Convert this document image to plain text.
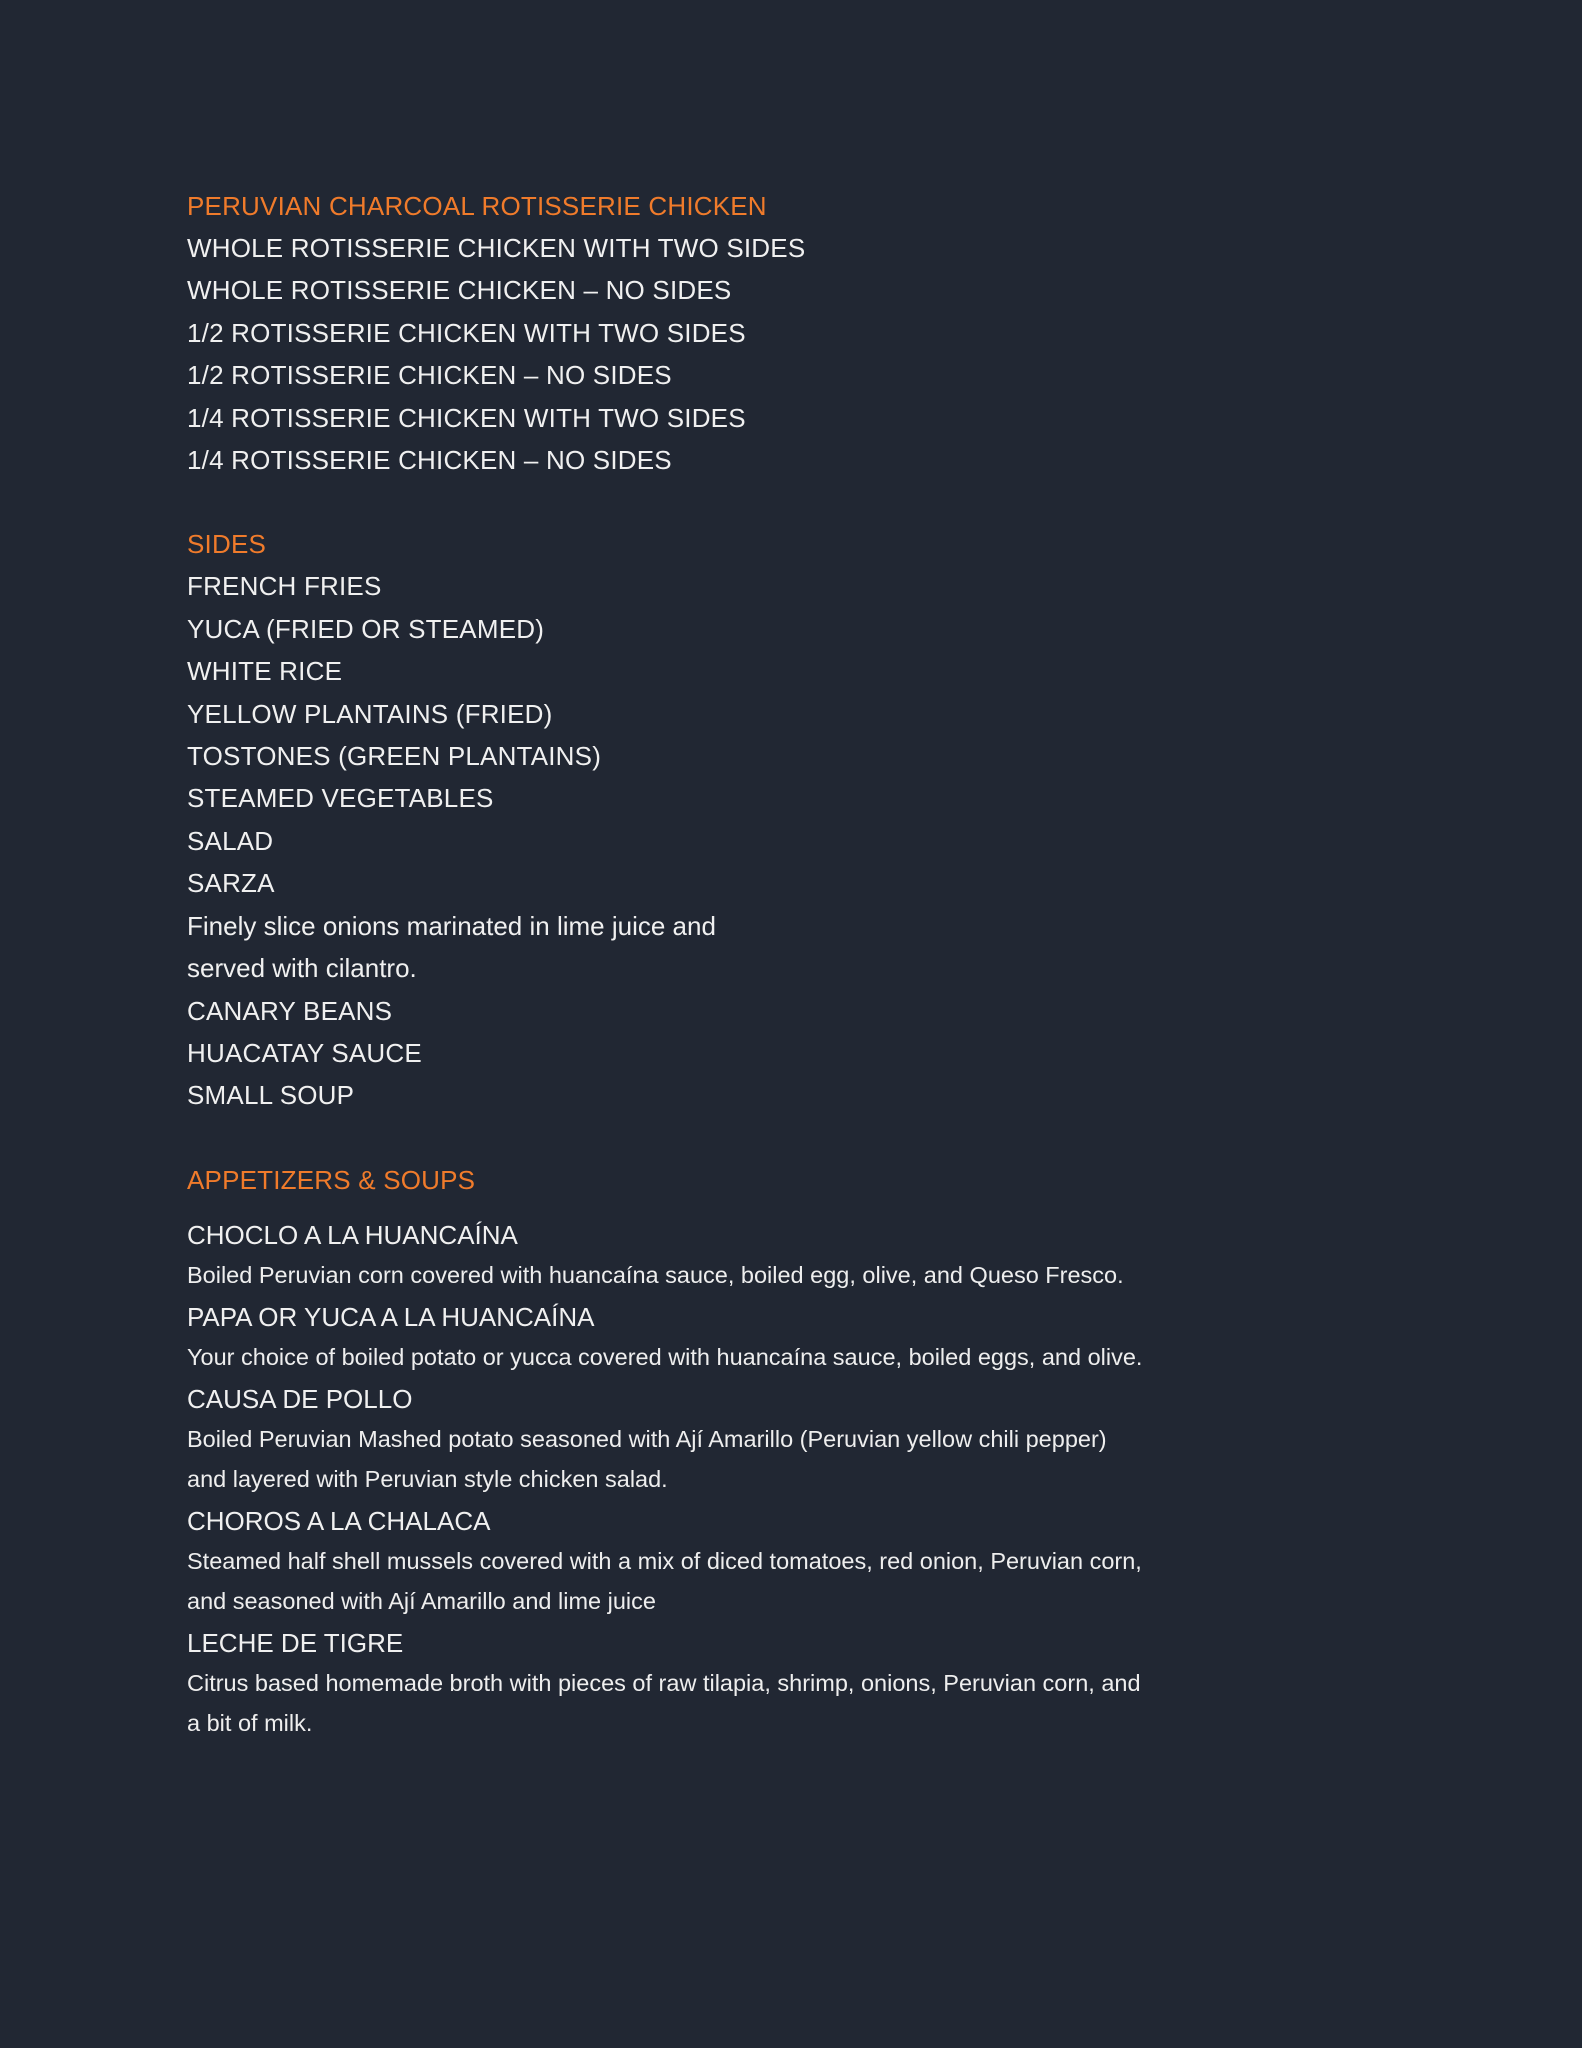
PERUVIAN CHARCOAL ROTISSERIE CHICKEN

WHOLE ROTISSERIE CHICKEN WITH TWO SIDES

WHOLE ROTISSERIE CHICKEN – NO SIDES

1/2 ROTISSERIE CHICKEN WITH TWO SIDES

1/2 ROTISSERIE CHICKEN – NO SIDES

1/4 ROTISSERIE CHICKEN WITH TWO SIDES

1/4 ROTISSERIE CHICKEN – NO SIDES

SIDES

FRENCH FRIES

YUCA (FRIED OR STEAMED)

WHITE RICE

YELLOW PLANTAINS (FRIED)

TOSTONES (GREEN PLANTAINS)

STEAMED VEGETABLES

SALAD

SARZA

Finely slice onions marinated in lime juice and

served with cilantro.

CANARY BEANS

HUACATAY SAUCE

SMALL SOUP

APPETIZERS & SOUPS

CHOCLO A LA HUANCAÍNA

Boiled Peruvian corn covered with huancaína sauce, boiled egg, olive, and Queso Fresco.

PAPA OR YUCA A LA HUANCAÍNA

Your choice of boiled potato or yucca covered with huancaína sauce, boiled eggs, and olive.

CAUSA DE POLLO

Boiled Peruvian Mashed potato seasoned with Ají Amarillo (Peruvian yellow chili pepper) and layered with Peruvian style chicken salad.

CHOROS A LA CHALACA

Steamed half shell mussels covered with a mix of diced tomatoes, red onion, Peruvian corn, and seasoned with Ají Amarillo and lime juice

LECHE DE TIGRE

Citrus based homemade broth with pieces of raw tilapia, shrimp, onions, Peruvian corn, and a bit of milk.
